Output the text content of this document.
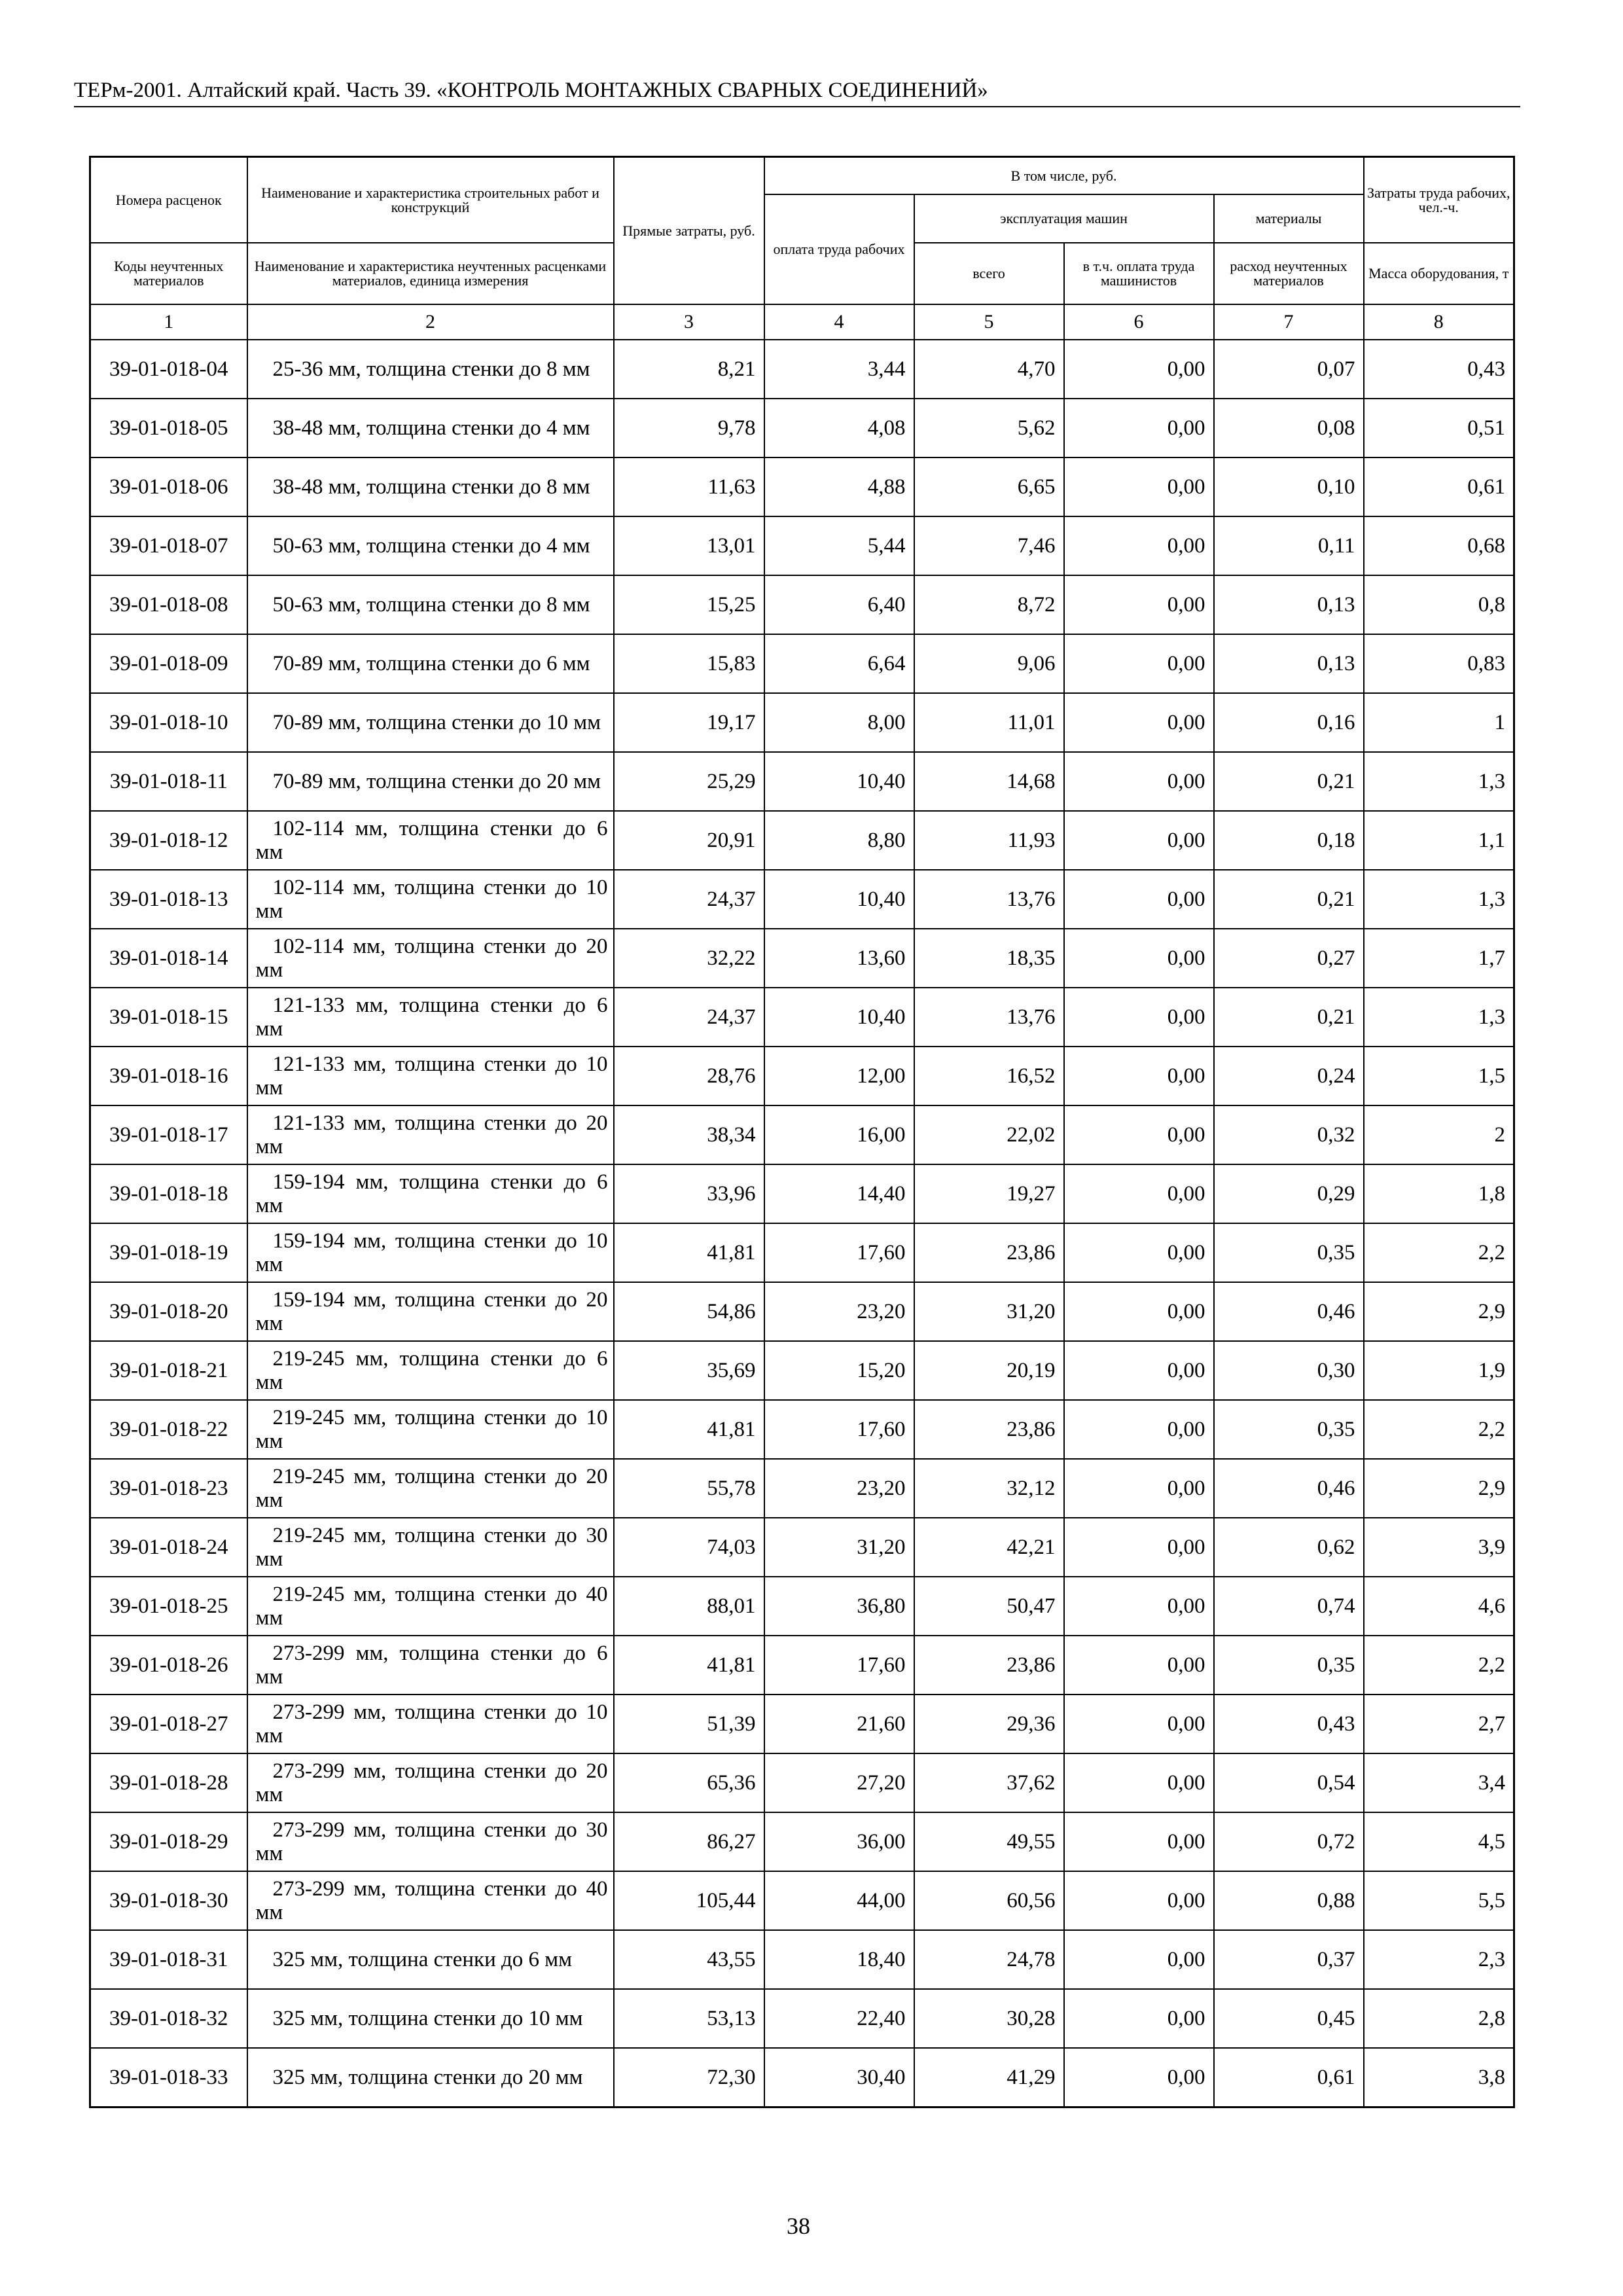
ТЕРм-2001. Алтайский край. Часть 39. «КОНТРОЛЬ МОНТАЖНЫХ СВАРНЫХ СОЕДИНЕНИЙ»
Номера расценок	Наименование и характеристика строительных работ и конструкций	Прямые затраты, руб.	В том числе, руб.				Затраты труда рабочих, чел.-ч.
			оплата труда рабочих	эксплуатация машин		материалы	
Коды неучтенных материалов	Наименование и характеристика неучтенных расценками материалов, единица измерения			всего	в т.ч. оплата труда машинистов	расход неучтенных материалов	Масса оборудования, т
1	2	3	4	5	6	7	8
39-01-018-04	25-36 мм, толщина стенки до 8 мм	8,21	3,44	4,70	0,00	0,07	0,43
39-01-018-05	38-48 мм, толщина стенки до 4 мм	9,78	4,08	5,62	0,00	0,08	0,51
39-01-018-06	38-48 мм, толщина стенки до 8 мм	11,63	4,88	6,65	0,00	0,10	0,61
39-01-018-07	50-63 мм, толщина стенки до 4 мм	13,01	5,44	7,46	0,00	0,11	0,68
39-01-018-08	50-63 мм, толщина стенки до 8 мм	15,25	6,40	8,72	0,00	0,13	0,8
39-01-018-09	70-89 мм, толщина стенки до 6 мм	15,83	6,64	9,06	0,00	0,13	0,83
39-01-018-10	70-89 мм, толщина стенки до 10 мм	19,17	8,00	11,01	0,00	0,16	1
39-01-018-11	70-89 мм, толщина стенки до 20 мм	25,29	10,40	14,68	0,00	0,21	1,3
39-01-018-12	102-114 мм, толщина стенки до 6 мм	20,91	8,80	11,93	0,00	0,18	1,1
39-01-018-13	102-114 мм, толщина стенки до 10 мм	24,37	10,40	13,76	0,00	0,21	1,3
39-01-018-14	102-114 мм, толщина стенки до 20 мм	32,22	13,60	18,35	0,00	0,27	1,7
39-01-018-15	121-133 мм, толщина стенки до 6 мм	24,37	10,40	13,76	0,00	0,21	1,3
39-01-018-16	121-133 мм, толщина стенки до 10 мм	28,76	12,00	16,52	0,00	0,24	1,5
39-01-018-17	121-133 мм, толщина стенки до 20 мм	38,34	16,00	22,02	0,00	0,32	2
39-01-018-18	159-194 мм, толщина стенки до 6 мм	33,96	14,40	19,27	0,00	0,29	1,8
39-01-018-19	159-194 мм, толщина стенки до 10 мм	41,81	17,60	23,86	0,00	0,35	2,2
39-01-018-20	159-194 мм, толщина стенки до 20 мм	54,86	23,20	31,20	0,00	0,46	2,9
39-01-018-21	219-245 мм, толщина стенки до 6 мм	35,69	15,20	20,19	0,00	0,30	1,9
39-01-018-22	219-245 мм, толщина стенки до 10 мм	41,81	17,60	23,86	0,00	0,35	2,2
39-01-018-23	219-245 мм, толщина стенки до 20 мм	55,78	23,20	32,12	0,00	0,46	2,9
39-01-018-24	219-245 мм, толщина стенки до 30 мм	74,03	31,20	42,21	0,00	0,62	3,9
39-01-018-25	219-245 мм, толщина стенки до 40 мм	88,01	36,80	50,47	0,00	0,74	4,6
39-01-018-26	273-299 мм, толщина стенки до 6 мм	41,81	17,60	23,86	0,00	0,35	2,2
39-01-018-27	273-299 мм, толщина стенки до 10 мм	51,39	21,60	29,36	0,00	0,43	2,7
39-01-018-28	273-299 мм, толщина стенки до 20 мм	65,36	27,20	37,62	0,00	0,54	3,4
39-01-018-29	273-299 мм, толщина стенки до 30 мм	86,27	36,00	49,55	0,00	0,72	4,5
39-01-018-30	273-299 мм, толщина стенки до 40 мм	105,44	44,00	60,56	0,00	0,88	5,5
39-01-018-31	325 мм, толщина стенки до 6 мм	43,55	18,40	24,78	0,00	0,37	2,3
39-01-018-32	325 мм, толщина стенки до 10 мм	53,13	22,40	30,28	0,00	0,45	2,8
39-01-018-33	325 мм, толщина стенки до 20 мм	72,30	30,40	41,29	0,00	0,61	3,8
38
